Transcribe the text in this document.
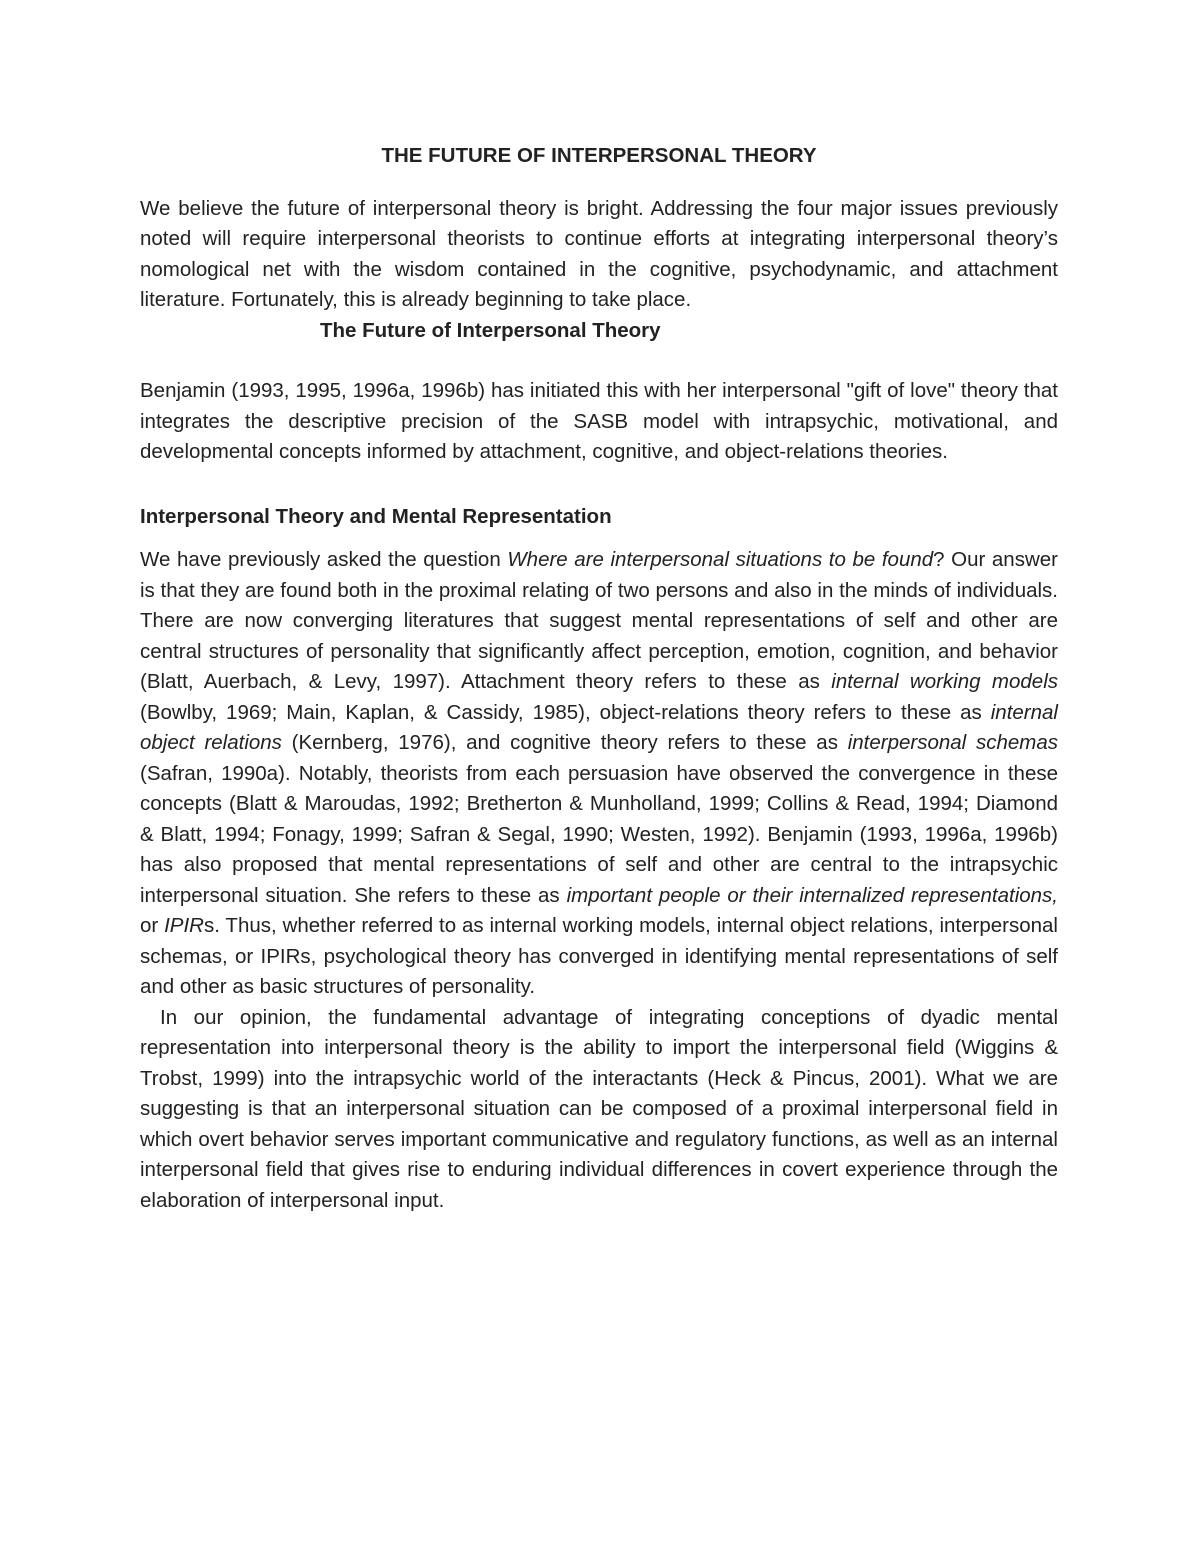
THE FUTURE OF INTERPERSONAL THEORY

We believe the future of interpersonal theory is bright. Addressing the four major issues previously noted will require interpersonal theorists to continue efforts at integrating interpersonal theory’s nomological net with the wisdom contained in the cognitive, psychodynamic, and attachment literature. Fortunately, this is already beginning to take place.

The Future of Interpersonal Theory

Benjamin (1993, 1995, 1996a, 1996b) has initiated this with her interpersonal "gift of love" theory that integrates the descriptive precision of the SASB model with intrapsychic, motivational, and developmental concepts informed by attachment, cognitive, and object-relations theories.

Interpersonal Theory and Mental Representation

We have previously asked the question Where are interpersonal situations to be found? Our answer is that they are found both in the proximal relating of two persons and also in the minds of individuals. There are now converging literatures that suggest mental representations of self and other are central structures of personality that significantly affect perception, emotion, cognition, and behavior (Blatt, Auerbach, & Levy, 1997). Attachment theory refers to these as internal working models (Bowlby, 1969; Main, Kaplan, & Cassidy, 1985), object-relations theory refers to these as internal object relations (Kernberg, 1976), and cognitive theory refers to these as interpersonal schemas (Safran, 1990a). Notably, theorists from each persuasion have observed the convergence in these concepts (Blatt & Maroudas, 1992; Bretherton & Munholland, 1999; Collins & Read, 1994; Diamond & Blatt, 1994; Fonagy, 1999; Safran & Segal, 1990; Westen, 1992). Benjamin (1993, 1996a, 1996b) has also proposed that mental representations of self and other are central to the intrapsychic interpersonal situation. She refers to these as important people or their internalized representations, or IPIRs. Thus, whether referred to as internal working models, internal object relations, interpersonal schemas, or IPIRs, psychological theory has converged in identifying mental representations of self and other as basic structures of personality.

In our opinion, the fundamental advantage of integrating conceptions of dyadic mental representation into interpersonal theory is the ability to import the interpersonal field (Wiggins & Trobst, 1999) into the intrapsychic world of the interactants (Heck & Pincus, 2001). What we are suggesting is that an interpersonal situation can be composed of a proximal interpersonal field in which overt behavior serves important communicative and regulatory functions, as well as an internal interpersonal field that gives rise to enduring individual differences in covert experience through the elaboration of interpersonal input.
